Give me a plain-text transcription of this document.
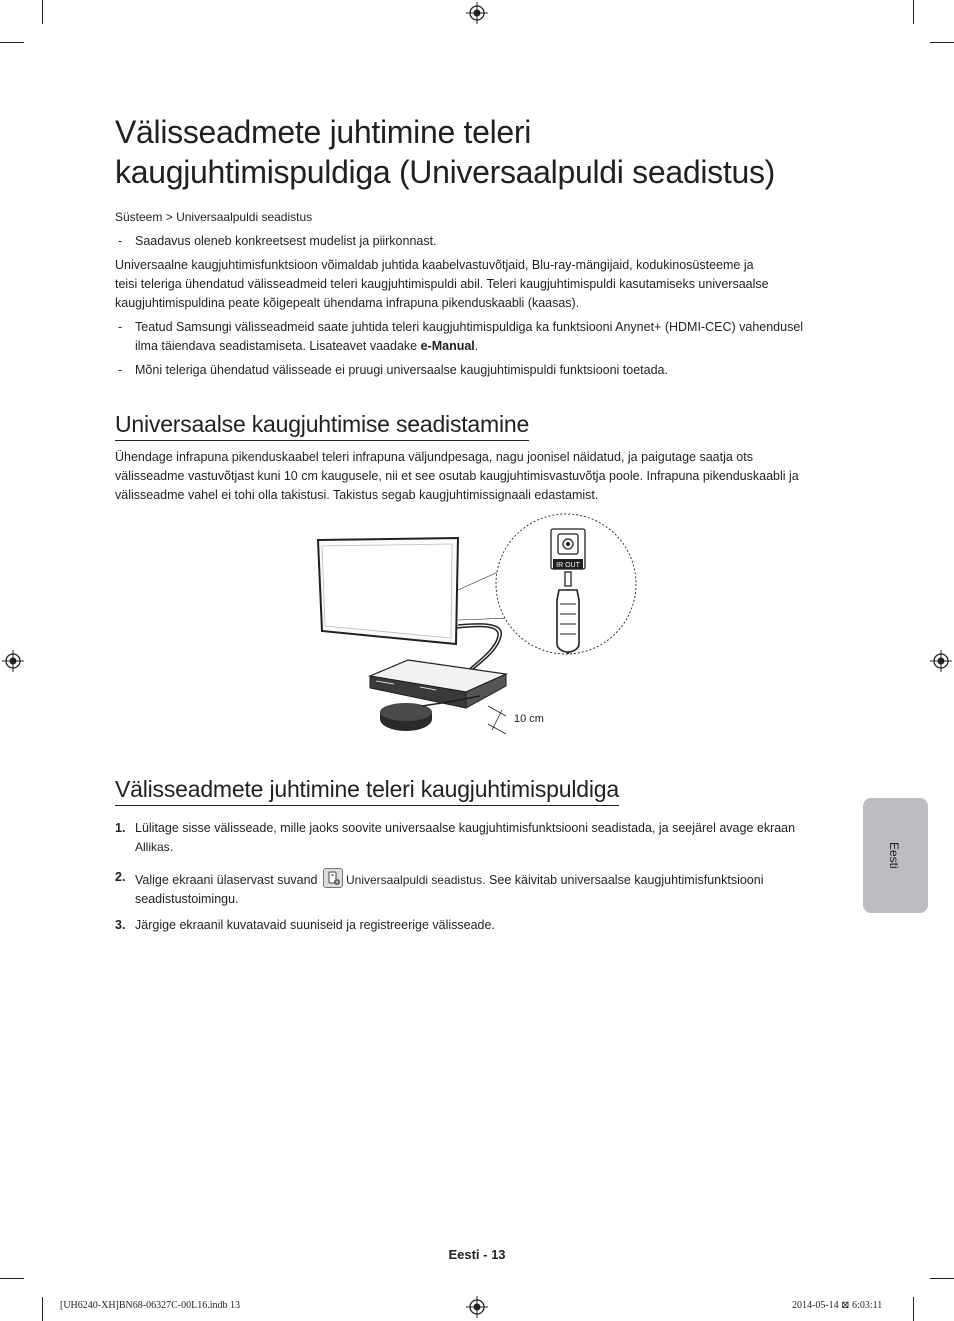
Välisseadmete juhtimine teleri
kaugjuhtimispuldiga (Universaalpuldi seadistus)
Süsteem > Universaalpuldi seadistus
- Saadavus oleneb konkreetsest mudelist ja piirkonnast.
Universaalne kaugjuhtimisfunktsioon võimaldab juhtida kaabelvastuvõtjaid, Blu-ray-mängijaid, kodukinosüsteeme ja
teisi teleriga ühendatud välisseadmeid teleri kaugjuhtimispuldi abil. Teleri kaugjuhtimispuldi kasutamiseks universaalse
kaugjuhtimispuldina peate kõigepealt ühendama infrapuna pikenduskaabli (kaasas).
- Teatud Samsungi välisseadmeid saate juhtida teleri kaugjuhtimispuldiga ka funktsiooni Anynet+ (HDMI-CEC) vahendusel
ilma täiendava seadistamiseta. Lisateavet vaadake e-Manual.
- Mõni teleriga ühendatud välisseade ei pruugi universaalse kaugjuhtimispuldi funktsiooni toetada.
Universaalse kaugjuhtimise seadistamine
Ühendage infrapuna pikenduskaabel teleri infrapuna väljundpesaga, nagu joonisel näidatud, ja paigutage saatja ots
välisseadme vastuvõtjast kuni 10 cm kaugusele, nii et see osutab kaugjuhtimisvastuvõtja poole. Infrapuna pikenduskaabli ja
välisseadme vahel ei tohi olla takistusi. Takistus segab kaugjuhtimissignaali edastamist.
10 cm
IR OUT
Välisseadmete juhtimine teleri kaugjuhtimispuldiga
1. Lülitage sisse välisseade, mille jaoks soovite universaalse kaugjuhtimisfunktsiooni seadistada, ja seejärel avage ekraan
Allikas.
2. Valige ekraani ülaservast suvand
Universaalpuldi seadistus. See käivitab universaalse kaugjuhtimisfunktsiooni
seadistustoimingu.
3. Järgige ekraanil kuvatavaid suuniseid ja registreerige välisseade.
Eesti
Eesti - 13
[UH6240-XH]BN68-06327C-00L16.indb 13	2014-05-14 ⊠ 6:03:11
